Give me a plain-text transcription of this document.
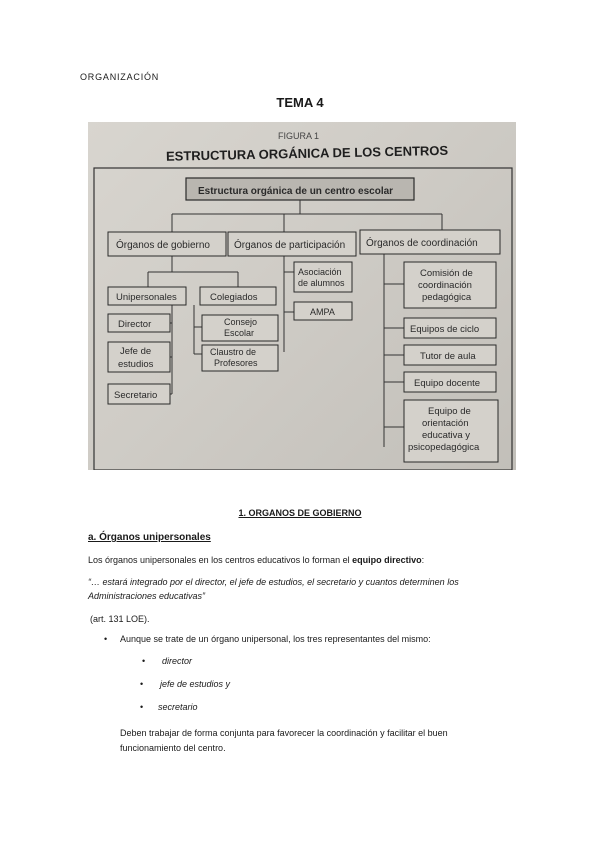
ORGANIZACIÓN
TEMA 4
FIGURA 1
ESTRUCTURA ORGÁNICA DE LOS CENTROS
Estructura orgánica de un centro escolar
Órganos de gobierno Órganos de participación Órganos de coordinación
Unipersonales	Colegiados
Director
Jefe de
estudios
Secretario
Consejo
Escolar
Claustro de
Profesores
Asociación
de alumnos
AMPA
Comisión de
coordinación
pedagógica
Equipos de ciclo
Tutor de aula
Equipo docente
Equipo de
orientación
educativa y
psicopedagógica
1. ORGANOS DE GOBIERNO
a. Órganos unipersonales
Los órganos unipersonales en los centros educativos lo forman el equipo directivo:
“… estará integrado por el director, el jefe de estudios, el secretario y cuantos determinen los
Administraciones educativas”
(art. 131 LOE).
• Aunque se trate de un órgano unipersonal, los tres representantes del mismo:
• director
• jefe de estudios y
• secretario
Deben trabajar de forma conjunta para favorecer la coordinación y facilitar el buen
funcionamiento del centro.
